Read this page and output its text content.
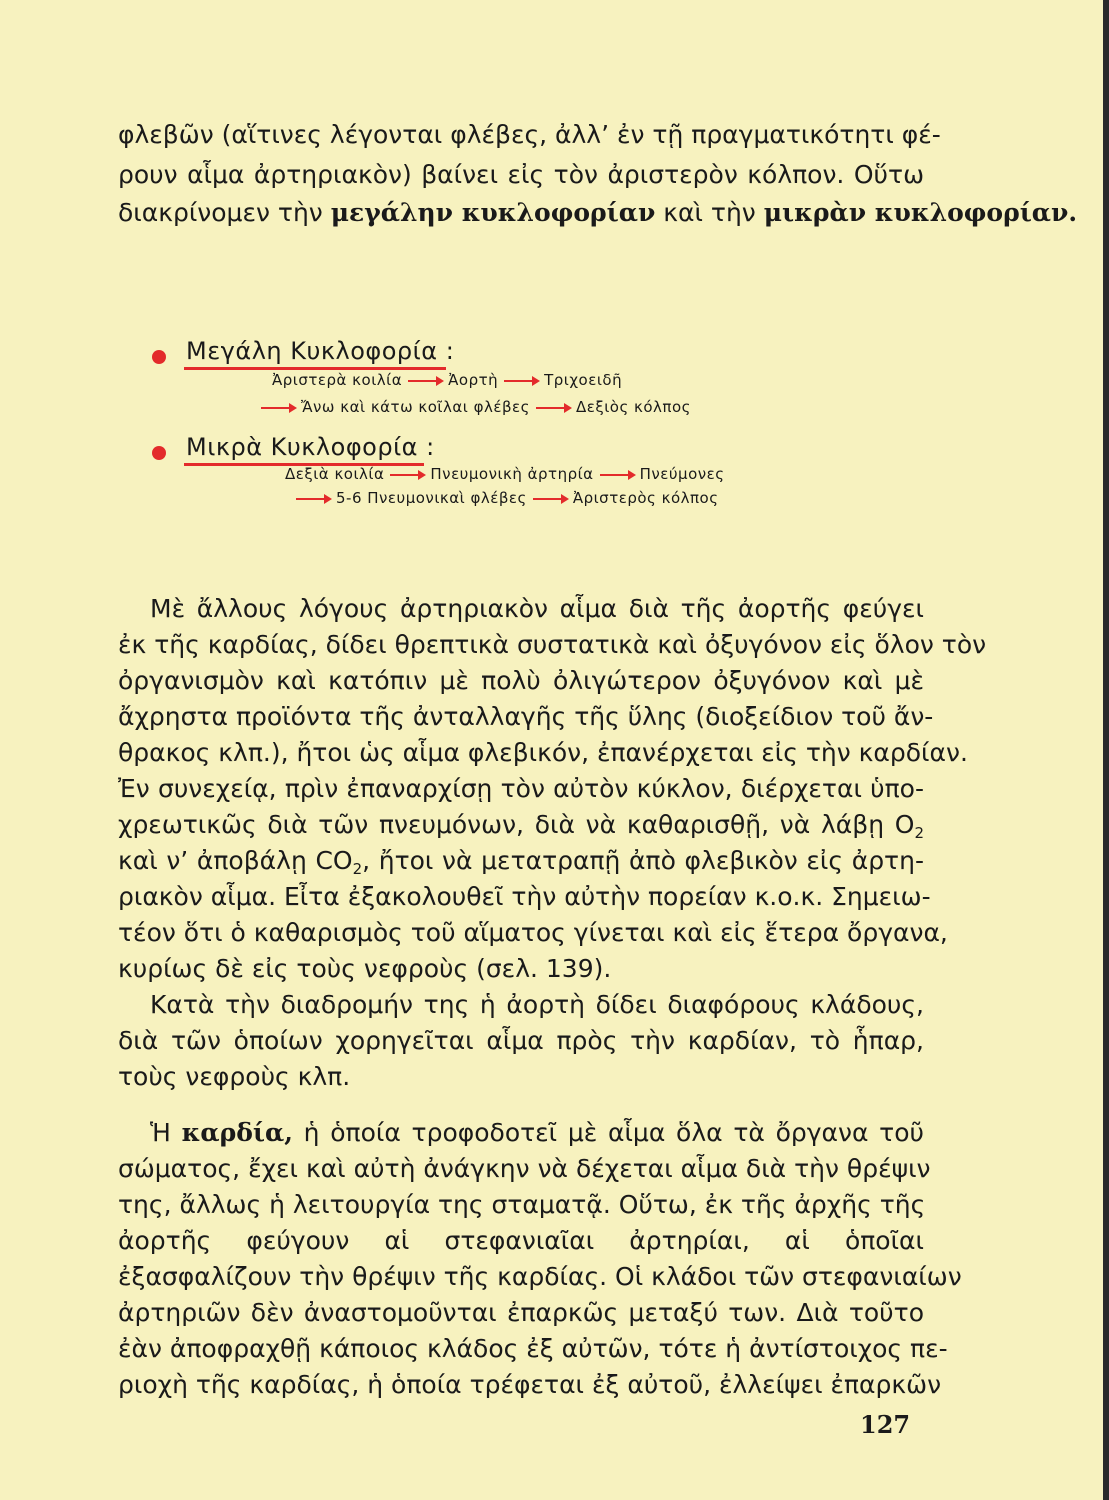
φλεβῶν (αἵτινες λέγονται φλέβες, ἀλλ’ ἐν τῇ πραγματικότητι φέ-
ρουν αἷμα ἀρτηριακὸν) βαίνει εἰς τὸν ἀριστερὸν κόλπον. Οὕτω
διακρίνομεν τὴν μεγάλην κυκλοφορίαν καὶ τὴν μικρὰν κυκλοφορίαν.
Μεγάλη Κυκλοφορία :
Ἀριστερὰ κοιλία	Ἀορτὴ	Τριχοειδῆ
Ἄνω καὶ κάτω κοῖλαι φλέβες	Δεξιὸς κόλπος
Μικρὰ Κυκλοφορία :
Δεξιὰ κοιλία	Πνευμονικὴ ἀρτηρία	Πνεύμονες
5-6 Πνευμονικαὶ φλέβες	Ἀριστερὸς κόλπος
Μὲ ἄλλους λόγους ἀρτηριακὸν αἷμα διὰ τῆς ἀορτῆς φεύγει
ἐκ τῆς καρδίας, δίδει θρεπτικὰ συστατικὰ καὶ ὀξυγόνον εἰς ὅλον τὸν
ὀργανισμὸν καὶ κατόπιν μὲ πολὺ ὀλιγώτερον ὀξυγόνον καὶ μὲ
ἄχρηστα προϊόντα τῆς ἀνταλλαγῆς τῆς ὕλης (διοξείδιον τοῦ ἄν-
θρακος κλπ.), ἤτοι ὡς αἷμα φλεβικόν, ἐπανέρχεται εἰς τὴν καρδίαν.
Ἐν συνεχείᾳ, πρὶν ἐπαναρχίσῃ τὸν αὐτὸν κύκλον, διέρχεται ὑπο-
χρεωτικῶς διὰ τῶν πνευμόνων, διὰ νὰ καθαρισθῇ, νὰ λάβῃ $O_2$
καὶ ν’ ἀποβάλῃ $CO_2$, ἤτοι νὰ μετατραπῇ ἀπὸ φλεβικὸν εἰς ἀρτη-
ριακὸν αἷμα. Εἶτα ἐξακολουθεῖ τὴν αὐτὴν πορείαν κ.ο.κ. Σημειω-
τέον ὅτι ὁ καθαρισμὸς τοῦ αἵματος γίνεται καὶ εἰς ἕτερα ὄργανα,
κυρίως δὲ εἰς τοὺς νεφροὺς (σελ. 139).
Κατὰ τὴν διαδρομήν της ἡ ἀορτὴ δίδει διαφόρους κλάδους,
διὰ τῶν ὁποίων χορηγεῖται αἷμα πρὸς τὴν καρδίαν, τὸ ἧπαρ,
τοὺς νεφροὺς κλπ.
Ἡ καρδία, ἡ ὁποία τροφοδοτεῖ μὲ αἷμα ὅλα τὰ ὄργανα τοῦ
σώματος, ἔχει καὶ αὐτὴ ἀνάγκην νὰ δέχεται αἷμα διὰ τὴν θρέψιν
της, ἄλλως ἡ λειτουργία της σταματᾷ. Οὕτω, ἐκ τῆς ἀρχῆς τῆς
ἀορτῆς φεύγουν αἱ στεφανιαῖαι ἀρτηρίαι, αἱ ὁποῖαι
ἐξασφαλίζουν τὴν θρέψιν τῆς καρδίας. Οἱ κλάδοι τῶν στεφανιαίων
ἀρτηριῶν δὲν ἀναστομοῦνται ἐπαρκῶς μεταξύ των. Διὰ τοῦτο
ἐὰν ἀποφραχθῇ κάποιος κλάδος ἐξ αὐτῶν, τότε ἡ ἀντίστοιχος πε-
ριοχὴ τῆς καρδίας, ἡ ὁποία τρέφεται ἐξ αὐτοῦ, ἐλλείψει ἐπαρκῶν
127
